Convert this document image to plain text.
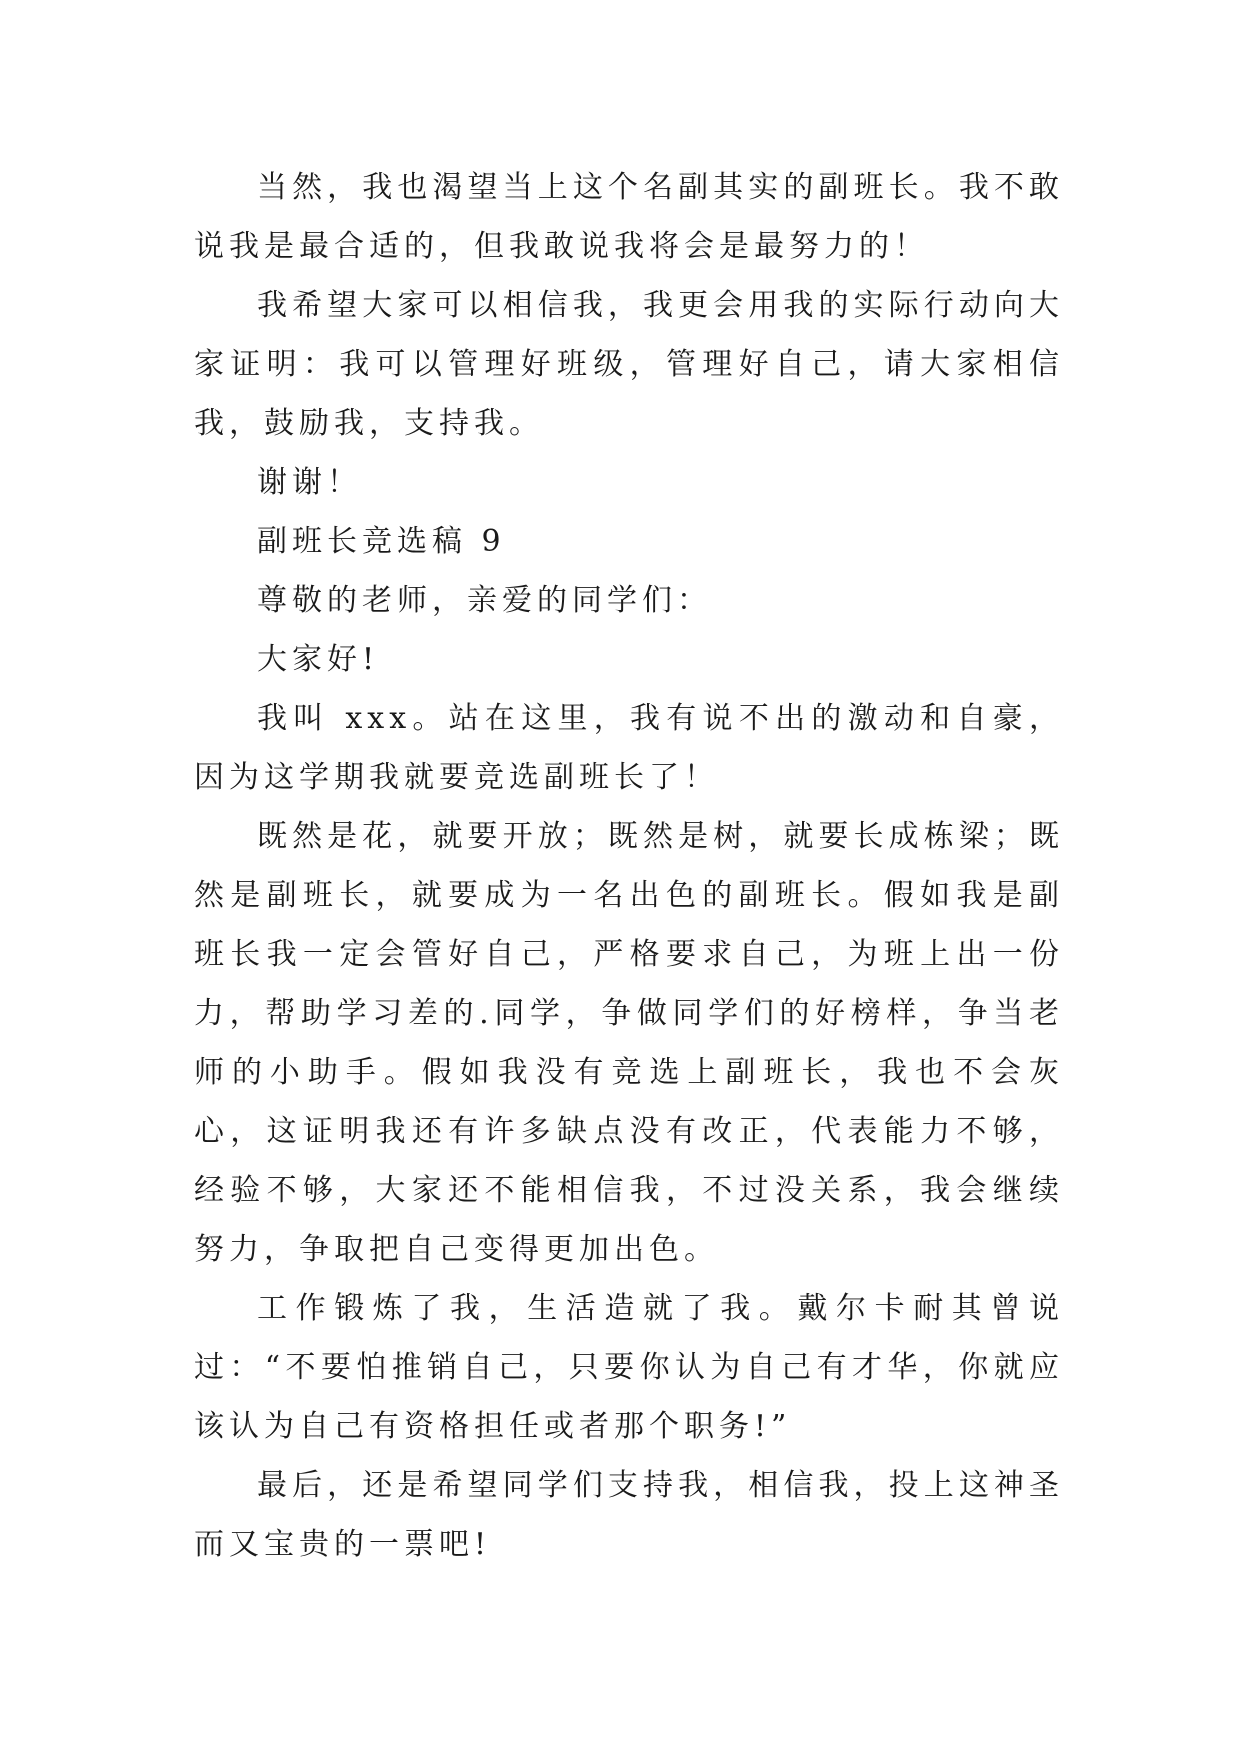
当然，我也渴望当上这个名副其实的副班长。我不敢说我是最合适的，但我敢说我将会是最努力的！

我希望大家可以相信我，我更会用我的实际行动向大家证明：我可以管理好班级，管理好自己，请大家相信我，鼓励我，支持我。

谢谢！

副班长竞选稿 9

尊敬的老师，亲爱的同学们：

大家好!

我叫 xxx。站在这里，我有说不出的激动和自豪，因为这学期我就要竞选副班长了！

既然是花，就要开放；既然是树，就要长成栋梁；既然是副班长，就要成为一名出色的副班长。假如我是副班长我一定会管好自己，严格要求自己，为班上出一份力，帮助学习差的.同学，争做同学们的好榜样，争当老师的小助手。假如我没有竞选上副班长，我也不会灰心，这证明我还有许多缺点没有改正，代表能力不够，经验不够，大家还不能相信我，不过没关系，我会继续努力，争取把自己变得更加出色。

工作锻炼了我，生活造就了我。戴尔卡耐其曾说过：“不要怕推销自己，只要你认为自己有才华，你就应该认为自己有资格担任或者那个职务!”

最后，还是希望同学们支持我，相信我，投上这神圣而又宝贵的一票吧!
